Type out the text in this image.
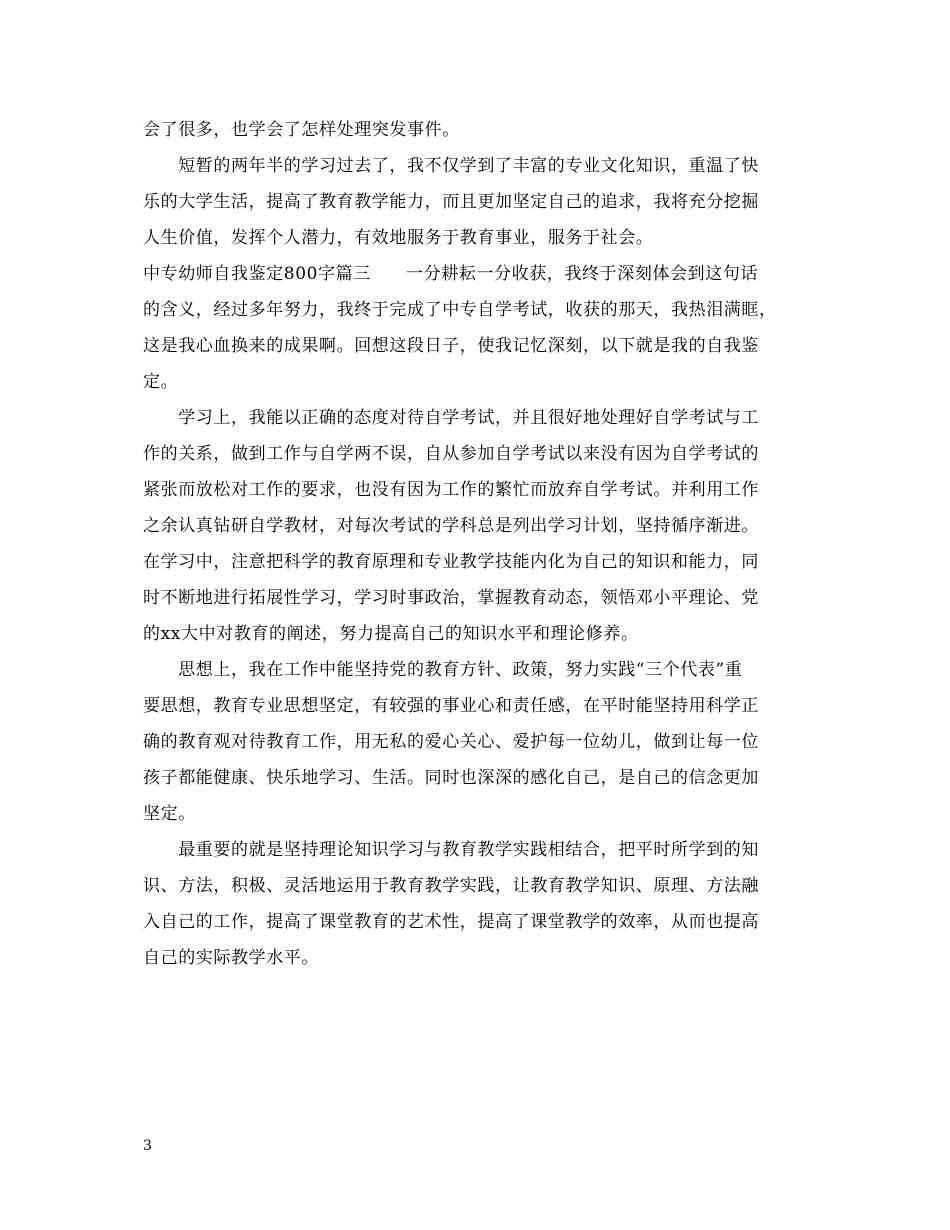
会了很多，也学会了怎样处理突发事件。
　　短暂的两年半的学习过去了，我不仅学到了丰富的专业文化知识，重温了快
乐的大学生活，提高了教育教学能力，而且更加坚定自己的追求，我将充分挖掘
人生价值，发挥个人潜力，有效地服务于教育事业，服务于社会。
中专幼师自我鉴定800字篇三　　一分耕耘一分收获，我终于深刻体会到这句话
的含义，经过多年努力，我终于完成了中专自学考试，收获的那天，我热泪满眶，
这是我心血换来的成果啊。回想这段日子，使我记忆深刻，以下就是我的自我鉴
定。
　　学习上，我能以正确的态度对待自学考试，并且很好地处理好自学考试与工
作的关系，做到工作与自学两不误，自从参加自学考试以来没有因为自学考试的
紧张而放松对工作的要求，也没有因为工作的繁忙而放弃自学考试。并利用工作
之余认真钻研自学教材，对每次考试的学科总是列出学习计划，坚持循序渐进。
在学习中，注意把科学的教育原理和专业教学技能内化为自己的知识和能力，同
时不断地进行拓展性学习，学习时事政治，掌握教育动态，领悟邓小平理论、党
的xx大中对教育的阐述，努力提高自己的知识水平和理论修养。
　　思想上，我在工作中能坚持党的教育方针、政策，努力实践“三个代表”重
要思想，教育专业思想坚定，有较强的事业心和责任感，在平时能坚持用科学正
确的教育观对待教育工作，用无私的爱心关心、爱护每一位幼儿，做到让每一位
孩子都能健康、快乐地学习、生活。同时也深深的感化自己，是自己的信念更加
坚定。
　　最重要的就是坚持理论知识学习与教育教学实践相结合，把平时所学到的知
识、方法，积极、灵活地运用于教育教学实践，让教育教学知识、原理、方法融
入自己的工作，提高了课堂教育的艺术性，提高了课堂教学的效率，从而也提高
自己的实际教学水平。
3
